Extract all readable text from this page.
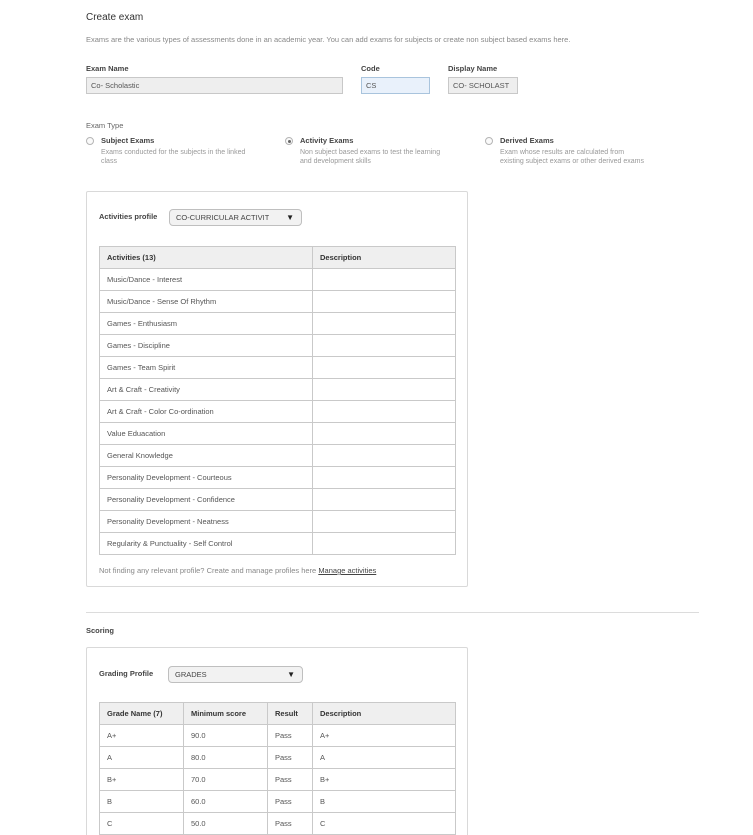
Create exam
Exams are the various types of assessments done in an academic year. You can add exams for subjects or create non subject based exams here.
Exam Name
Co- Scholastic	Code
CS	Display Name
CO- SCHOLAST
Exam Type
Subject Exams
Exams conducted for the subjects in the linked
class
Activity Exams
Non subject based exams to test the learning
and development skills
Derived Exams
Exam whose results are calculated from
existing subject exams or other derived exams
Activities profile CO-CURRICULAR ACTIVIT ▼
Activities (13)	Description
Music/Dance - Interest	
Music/Dance - Sense Of Rhythm	
Games - Enthusiasm	
Games - Discipline	
Games - Team Spirit	
Art & Craft - Creativity	
Art & Craft - Color Co-ordination	
Value Eduacation	
General Knowledge	
Personality Development - Courteous	
Personality Development - Confidence	
Personality Development - Neatness	
Regularity & Punctuality - Self Control	
Not finding any relevant profile? Create and manage profiles here Manage activities
Scoring
Grading Profile	GRADES	▼
Grade Name (7)	Minimum score	Result	Description
A+	90.0	Pass	A+
A	80.0	Pass	A
B+	70.0	Pass	B+
B	60.0	Pass	B
C	50.0	Pass	C
